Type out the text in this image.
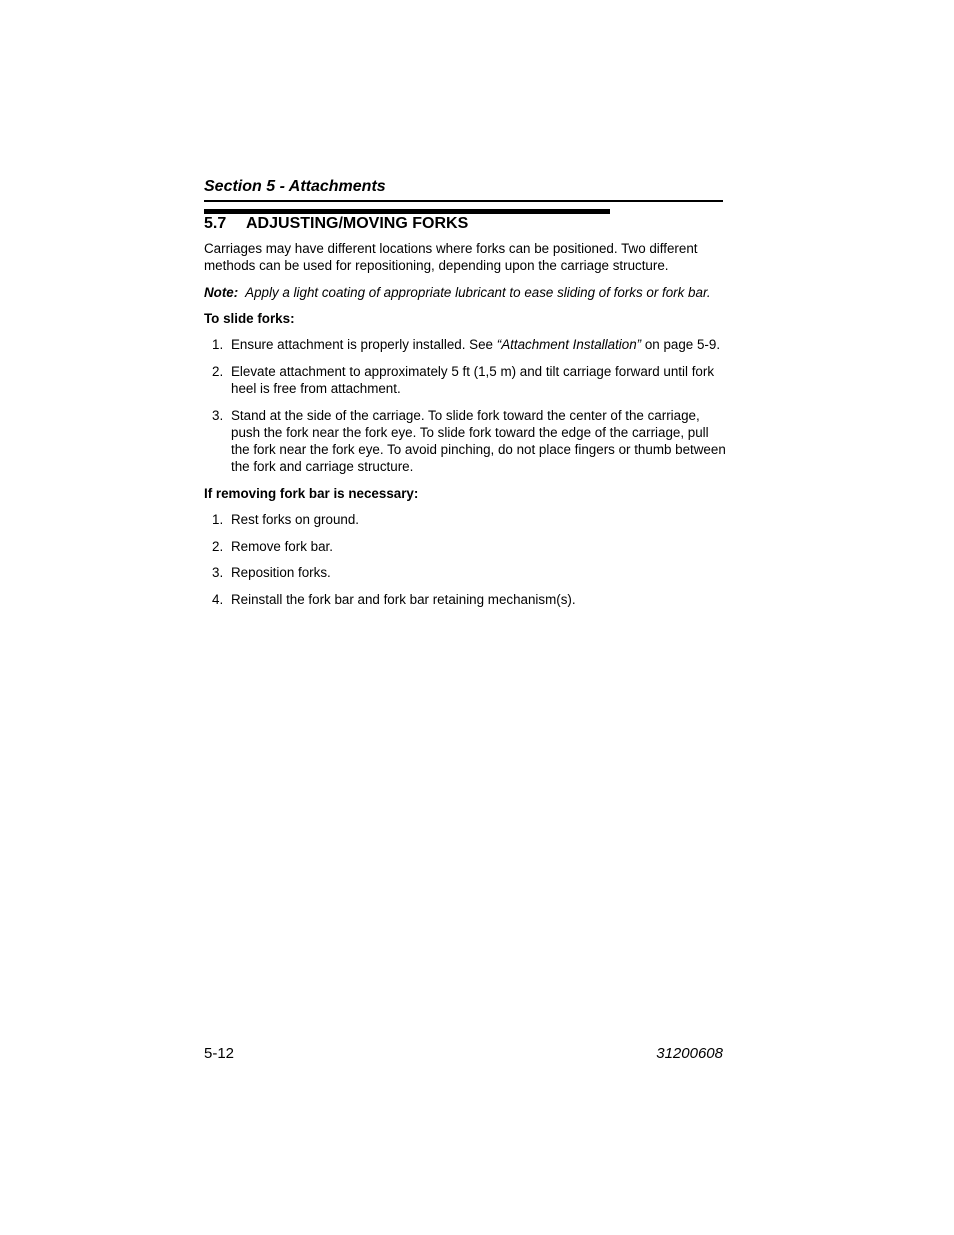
Section 5 - Attachments
5.7 ADJUSTING/MOVING FORKS

Carriages may have different locations where forks can be positioned. Two different methods can be used for repositioning, depending upon the carriage structure.

Note: Apply a light coating of appropriate lubricant to ease sliding of forks or fork bar.

To slide forks:

1. Ensure attachment is properly installed. See “Attachment Installation” on page 5-9.
2. Elevate attachment to approximately 5 ft (1,5 m) and tilt carriage forward until fork heel is free from attachment.
3. Stand at the side of the carriage. To slide fork toward the center of the carriage, push the fork near the fork eye. To slide fork toward the edge of the carriage, pull the fork near the fork eye. To avoid pinching, do not place fingers or thumb between the fork and carriage structure.

If removing fork bar is necessary:

1. Rest forks on ground.
2. Remove fork bar.
3. Reposition forks.
4. Reinstall the fork bar and fork bar retaining mechanism(s).
5-12	31200608
